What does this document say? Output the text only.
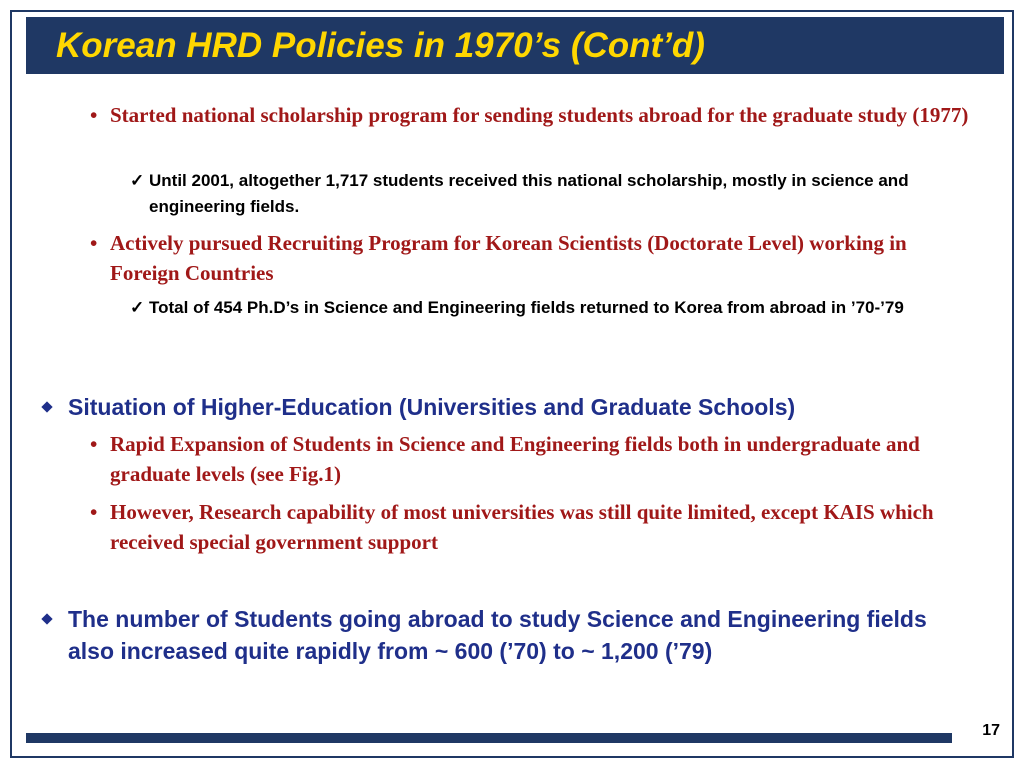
Korean HRD Policies in 1970’s (Cont’d)
• Started national scholarship program for sending students abroad for the graduate study (1977)
✓ Until 2001, altogether 1,717 students received this national scholarship, mostly in science and engineering fields.
• Actively pursued Recruiting Program for Korean Scientists (Doctorate Level) working in Foreign Countries
✓ Total of 454 Ph.D’s in Science and Engineering fields returned to Korea from abroad in ’70-’79
Situation of Higher-Education (Universities and Graduate Schools)
• Rapid Expansion of Students in Science and Engineering fields both in undergraduate and graduate levels (see Fig.1)
• However, Research capability of most universities was still quite limited, except KAIS which received special government support
The number of Students going abroad to study Science and Engineering fields also increased quite rapidly from ~ 600 (’70) to ~ 1,200 (’79)
17
